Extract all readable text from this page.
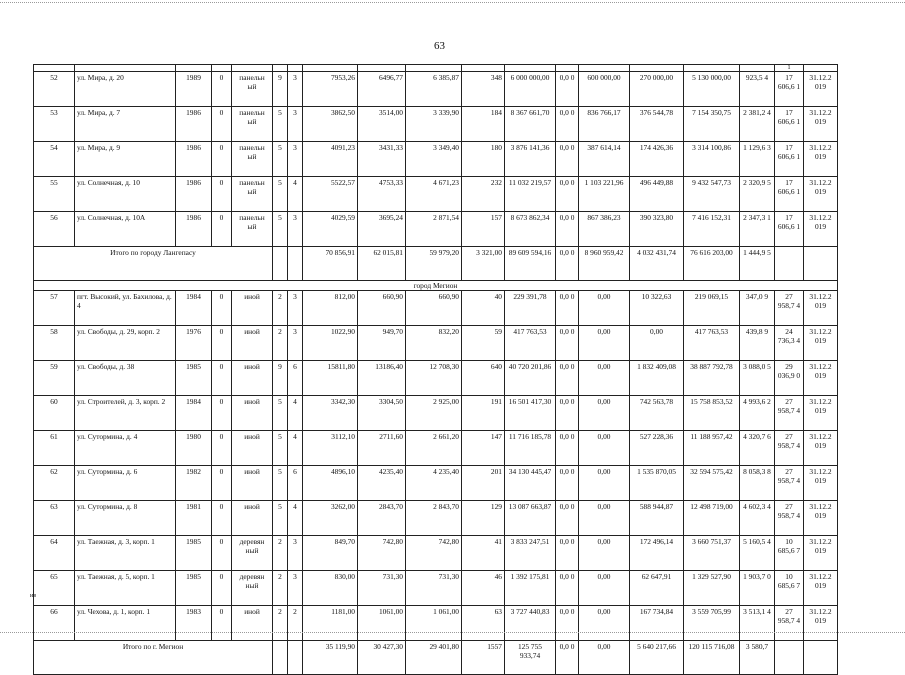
63
																	1	
52	ул. Мира, д. 20	1989	0	панельн ый	9	3	7953,26	6496,77	6 385,87	348	6 000 000,00	0,0 0	600 000,00	270 000,00	5 130 000,00	923,5 4	17 606,6 1	31.12.2 019
53	ул. Мира, д. 7	1986	0	панельн ый	5	3	3862,50	3514,00	3 339,90	184	8 367 661,70	0,0 0	836 766,17	376 544,78	7 154 350,75	2 381,2 4	17 606,6 1	31.12.2 019
54	ул. Мира, д. 9	1986	0	панельн ый	5	3	4091,23	3431,33	3 349,40	180	3 876 141,36	0,0 0	387 614,14	174 426,36	3 314 100,86	1 129,6 3	17 606,6 1	31.12.2 019
55	ул. Солнечная, д. 10	1986	0	панельн ый	5	4	5522,57	4753,33	4 671,23	232	11 032 219,57	0,0 0	1 103 221,96	496 449,88	9 432 547,73	2 320,9 5	17 606,6 1	31.12.2 019
56	ул. Солнечная, д. 10А	1986	0	панельн ый	5	3	4029,59	3695,24	2 871,54	157	8 673 862,34	0,0 0	867 386,23	390 323,80	7 416 152,31	2 347,3 1	17 606,6 1	31.12.2 019
Итого по городу Лангепасу							70 856,91	62 015,81	59 979,20	3 321,00	89 609 594,16	0,0 0	8 960 959,42	4 032 431,74	76 616 203,00	1 444,9 5		
город Мегион																		
57	пгт. Высокий, ул. Бахилова, д. 4	1984	0	иной	2	3	812,00	660,90	660,90	40	229 391,78	0,0 0	0,00	10 322,63	219 069,15	347,0 9	27 958,7 4	31.12.2 019
58	ул. Свободы, д. 29, корп. 2	1976	0	иной	2	3	1022,90	949,70	832,20	59	417 763,53	0,0 0	0,00	0,00	417 763,53	439,8 9	24 736,3 4	31.12.2 019
59	ул. Свободы, д. 38	1985	0	иной	9	6	15811,80	13186,40	12 708,30	640	40 720 201,86	0,0 0	0,00	1 832 409,08	38 887 792,78	3 088,0 5	29 036,9 0	31.12.2 019
60	ул. Строителей, д. 3, корп. 2	1984	0	иной	5	4	3342,30	3304,50	2 925,00	191	16 501 417,30	0,0 0	0,00	742 563,78	15 758 853,52	4 993,6 2	27 958,7 4	31.12.2 019
61	ул. Сутормина, д. 4	1980	0	иной	5	4	3112,10	2711,60	2 661,20	147	11 716 185,78	0,0 0	0,00	527 228,36	11 188 957,42	4 320,7 6	27 958,7 4	31.12.2 019
62	ул. Сутормина, д. 6	1982	0	иной	5	6	4896,10	4235,40	4 235,40	201	34 130 445,47	0,0 0	0,00	1 535 870,05	32 594 575,42	8 058,3 8	27 958,7 4	31.12.2 019
63	ул. Сутормина, д. 8	1981	0	иной	5	4	3262,00	2843,70	2 843,70	129	13 087 663,87	0,0 0	0,00	588 944,87	12 498 719,00	4 602,3 4	27 958,7 4	31.12.2 019
64	ул. Таежная, д. 3, корп. 1	1985	0	деревян ный	2	3	849,70	742,80	742,80	41	3 833 247,51	0,0 0	0,00	172 496,14	3 660 751,37	5 160,5 4	10 685,6 7	31.12.2 019
65	ул. Таежная, д. 5, корп. 1	1985	0	деревян ный	2	3	830,00	731,30	731,30	46	1 392 175,81	0,0 0	0,00	62 647,91	1 329 527,90	1 903,7 0	10 685,6 7	31.12.2 019
66	ул. Чехова, д. 1, корп. 1	1983	0	иной	2	2	1181,00	1061,00	1 061,00	63	3 727 440,83	0,0 0	0,00	167 734,84	3 559 705,99	3 513,1 4	27 958,7 4	31.12.2 019
Итого по г. Мегион							35 119,90	30 427,30	29 401,80	1557	125 755 933,74	0,0 0	0,00	5 640 217,66	120 115 716,08	3 580,7		
ив
